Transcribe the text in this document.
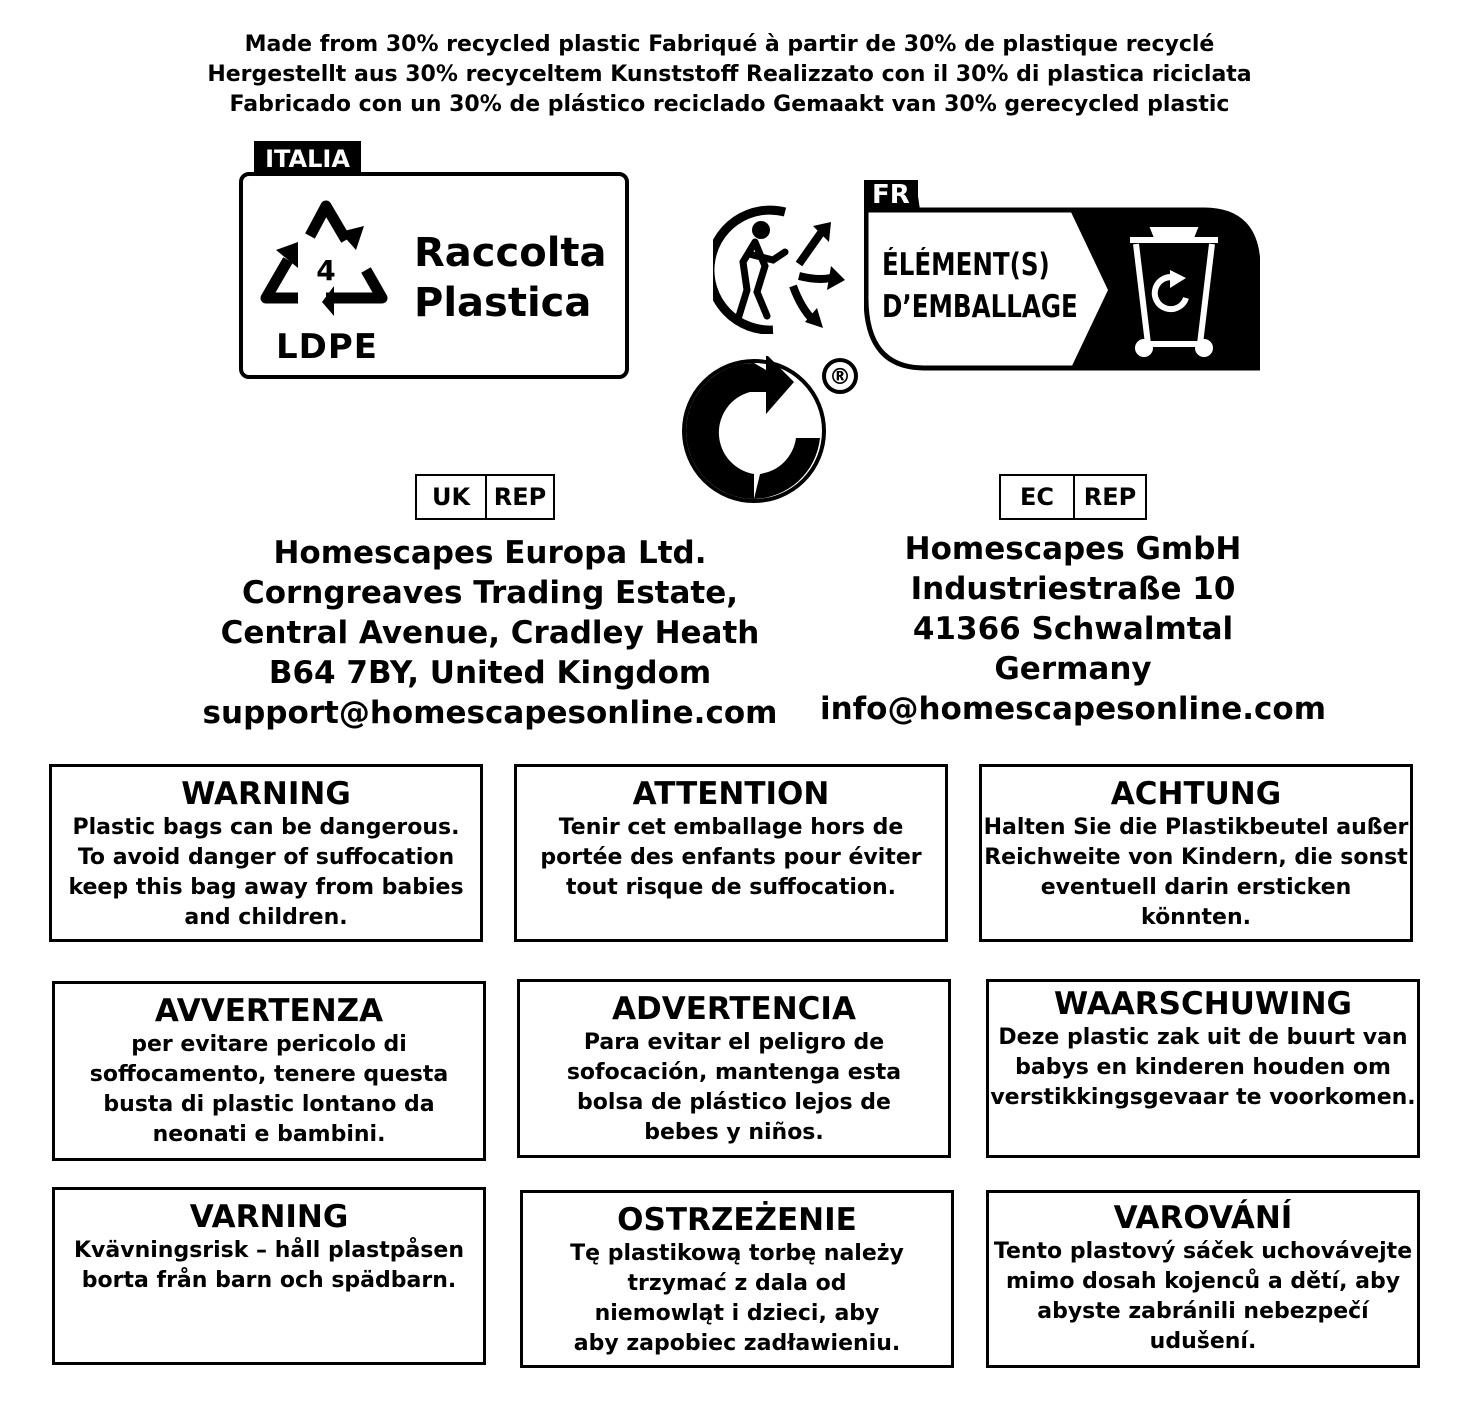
Made from 30% recycled plastic Fabriqué à partir de 30% de plastique recyclé
Hergestellt aus 30% recyceltem Kunststoff Realizzato con il 30% di plastica riciclata
Fabricado con un 30% de plástico reciclado Gemaakt van 30% gerecycled plastic
ITALIA
4
LDPE
Raccolta
Plastica
FR
ÉLÉMENT(S)
D’EMBALLAGE
®
UK REP
Homescapes Europa Ltd.
Corngreaves Trading Estate,
Central Avenue, Cradley Heath
B64 7BY, United Kingdom
support@homescapesonline.com
EC	REP
Homescapes GmbH
Industriestraße 10
41366 Schwalmtal
Germany
info@homescapesonline.com
WARNING
Plastic bags can be dangerous.
To avoid danger of suffocation
keep this bag away from babies
and children.
ATTENTION
Tenir cet emballage hors de
portée des enfants pour éviter
tout risque de suffocation.
ACHTUNG
Halten Sie die Plastikbeutel außer
Reichweite von Kindern, die sonst
eventuell darin ersticken könnten.
AVVERTENZA
per evitare pericolo di
soffocamento, tenere questa
busta di plastic lontano da
neonati e bambini.
ADVERTENCIA
Para evitar el peligro de
sofocación, mantenga esta
bolsa de plástico lejos de
bebes y niños.
WAARSCHUWING
Deze plastic zak uit de buurt van
babys en kinderen houden om
verstikkingsgevaar te voorkomen.
VARNING
Kvävningsrisk – håll plastpåsen
borta från barn och spädbarn.
OSTRZEŻENIE
Tę plastikową torbę należy
trzymać z dala od
niemowląt i dzieci, aby
aby zapobiec zadławieniu.
VAROVÁNÍ
Tento plastový sáček uchovávejte
mimo dosah kojenců a dětí, aby
abyste zabránili nebezpečí
udušení.
